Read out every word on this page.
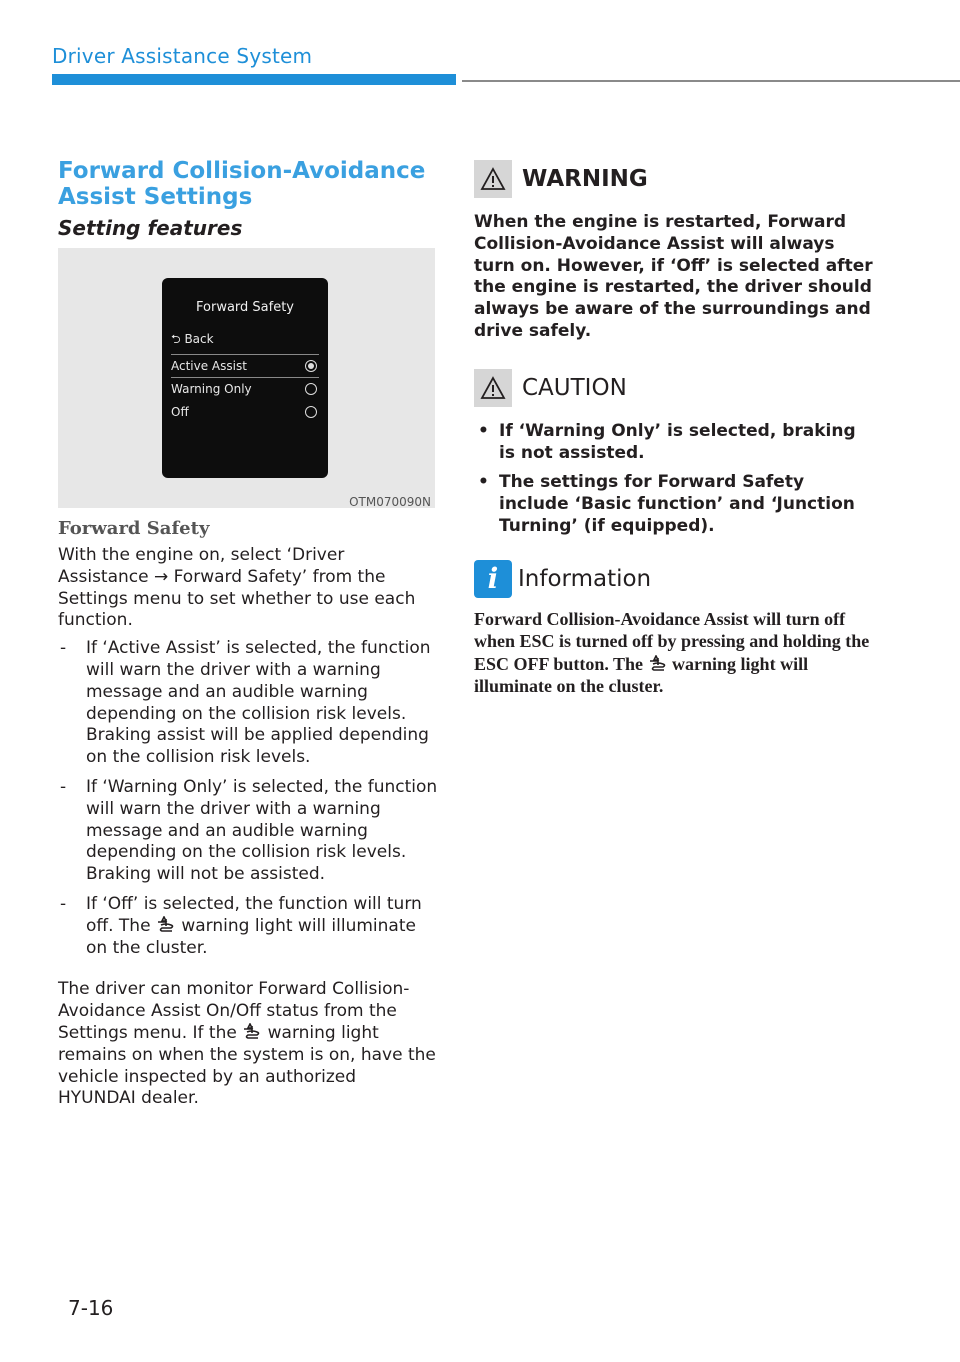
Driver Assistance System
Forward Collision-Avoidance
Assist Settings
Setting features
Forward Safety
⮌ Back
Active Assist
Warning Only
Off
OTM070090N
Forward Safety

With the engine on, select ‘Driver Assistance → Forward Safety’ from the Settings menu to set whether to use each function.

- If ‘Active Assist’ is selected, the function will warn the driver with a warning message and an audible warning depending on the collision risk levels. Braking assist will be applied depending on the collision risk levels.
- If ‘Warning Only’ is selected, the function will warn the driver with a warning message and an audible warning depending on the collision risk levels. Braking will not be assisted.
- If ‘Off’ is selected, the function will turn off. The warning light will illuminate on the cluster.

The driver can monitor Forward Collision-Avoidance Assist On/Off status from the Settings menu. If the warning light remains on when the system is on, have the vehicle inspected by an authorized HYUNDAI dealer.

WARNING

When the engine is restarted, Forward Collision-Avoidance Assist will always turn on. However, if ‘Off’ is selected after the engine is restarted, the driver should always be aware of the surroundings and drive safely.

CAUTION
• If ‘Warning Only’ is selected, braking is not assisted.
• The settings for Forward Safety include ‘Basic function’ and ‘Junction Turning’ (if equipped).
i Information

Forward Collision-Avoidance Assist will turn off when ESC is turned off by pressing and holding the ESC OFF button. The warning light will illuminate on the cluster.

7-16
